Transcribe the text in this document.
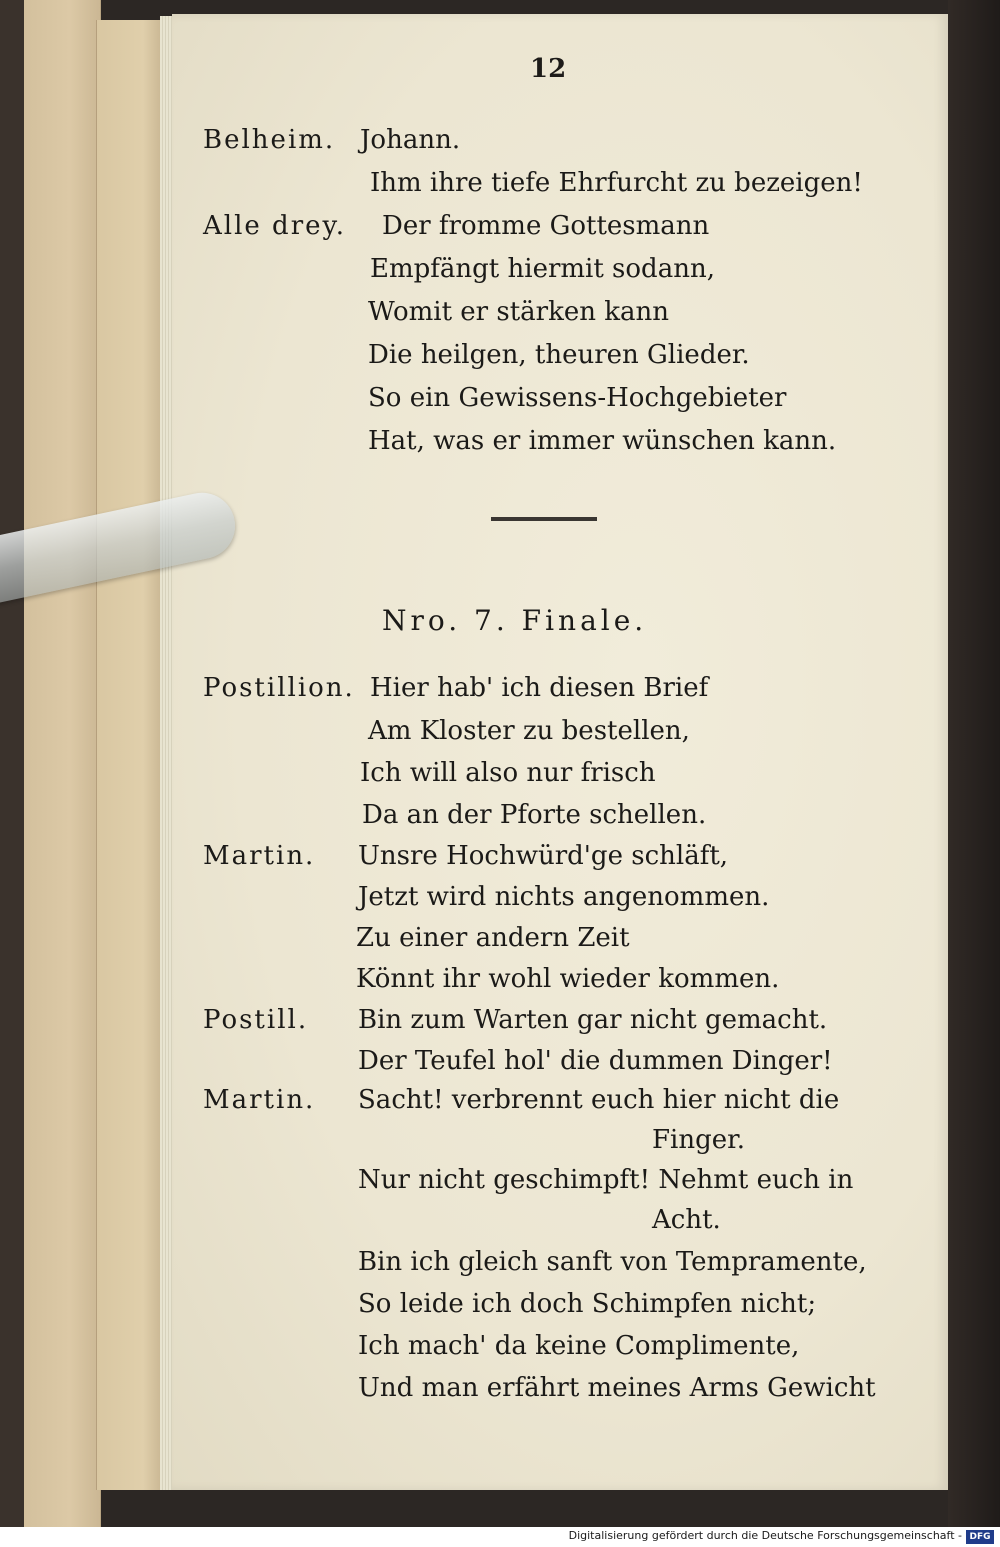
12
Belheim. Johann.
Ihm ihre tiefe Ehrfurcht zu bezeigen!
Alle drey. Der fromme Gottesmann
Empfängt hiermit sodann,
Womit er stärken kann
Die heilgen, theuren Glieder.
So ein Gewissens-Hochgebieter
Hat, was er immer wünschen kann.
Nro. 7. Finale.
Postillion. Hier hab' ich diesen Brief
Am Kloster zu bestellen,
Ich will also nur frisch
Da an der Pforte schellen.
Martin. Unsre Hochwürd'ge schläft,
Jetzt wird nichts angenommen.
Zu einer andern Zeit
Könnt ihr wohl wieder kommen.
Postill. Bin zum Warten gar nicht gemacht.
Der Teufel hol' die dummen Dinger!
Martin. Sacht! verbrennt euch hier nicht die
Finger.
Nur nicht geschimpft! Nehmt euch in
Acht.
Bin ich gleich sanft von Tempramente,
So leide ich doch Schimpfen nicht;
Ich mach' da keine Complimente,
Und man erfährt meines Arms Gewicht
Digitalisierung gefördert durch die Deutsche Forschungsgemeinschaft - DFG
